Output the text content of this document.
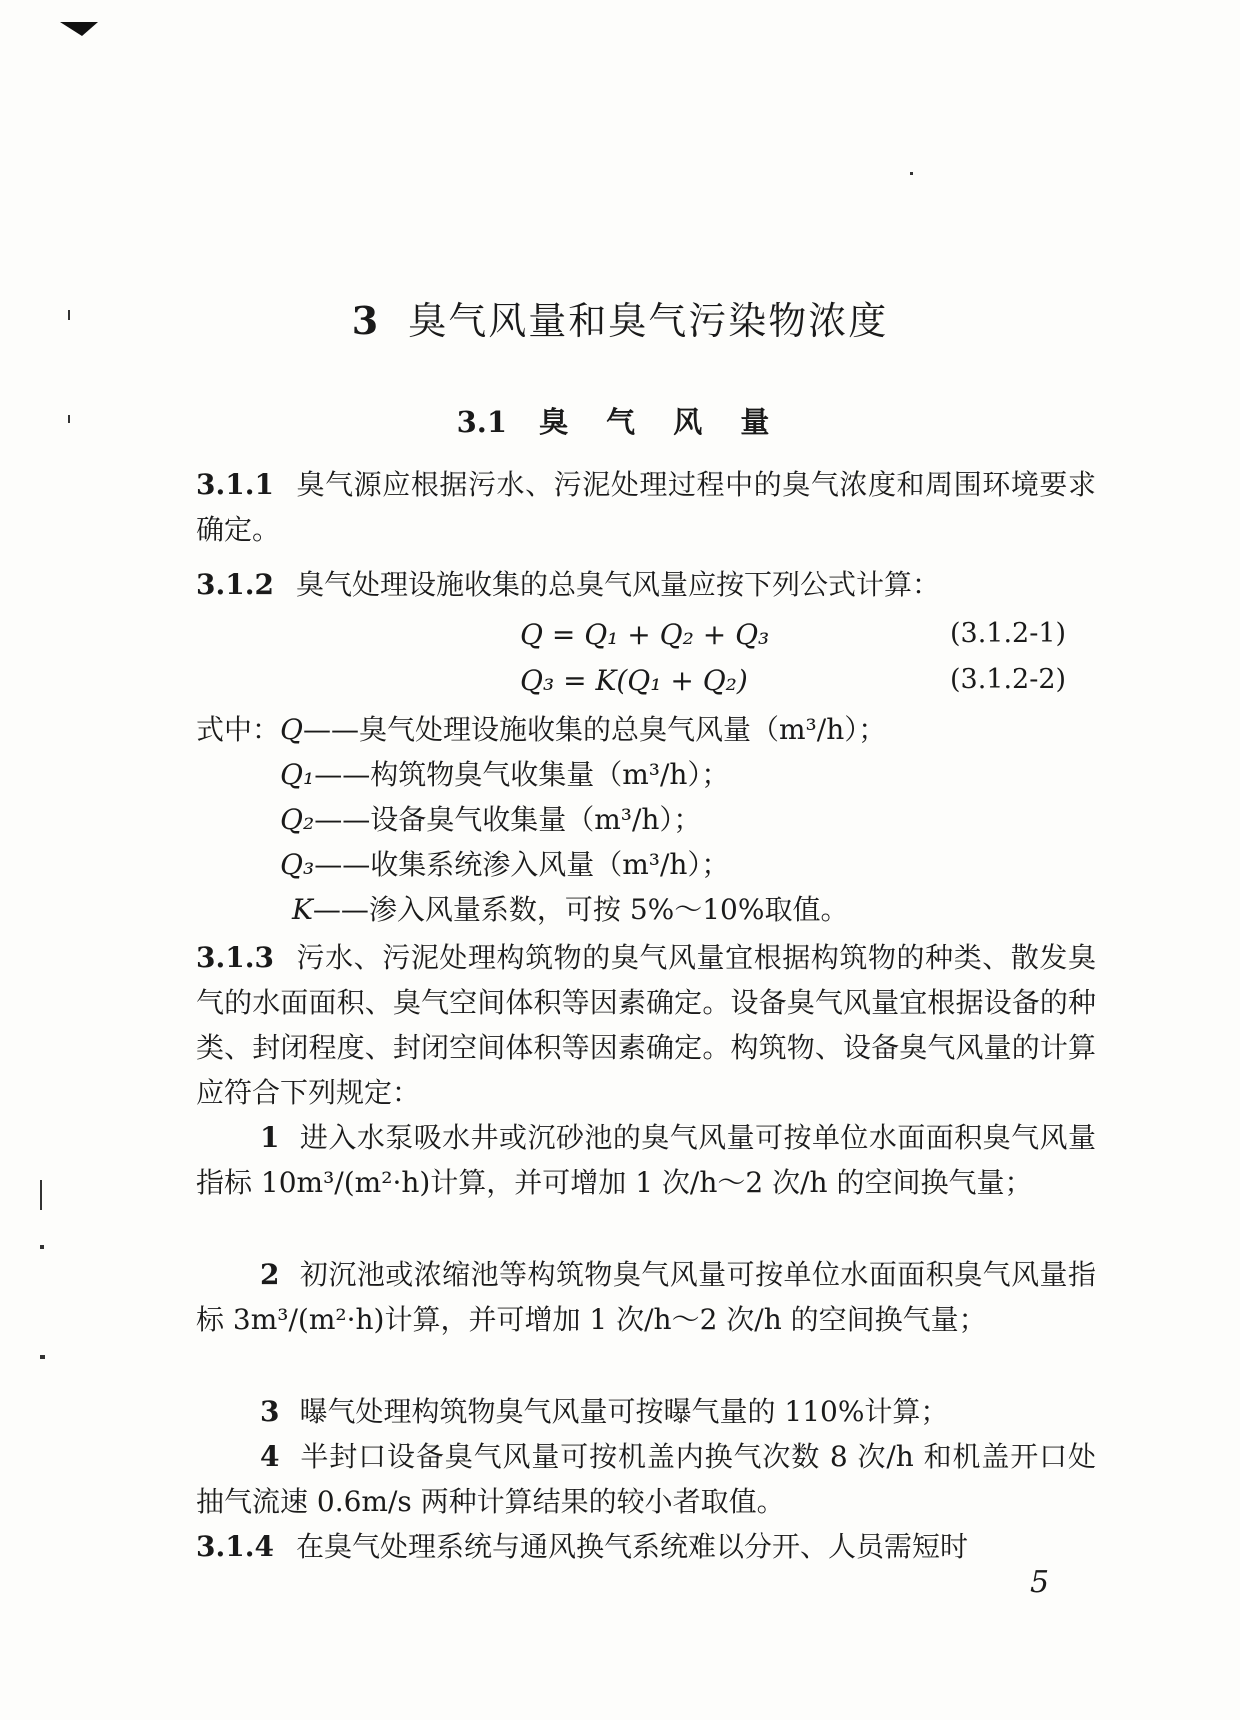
3 臭气风量和臭气污染物浓度
3.1 臭 气 风 量
3.1.1 臭气源应根据污水、污泥处理过程中的臭气浓度和周围环境要求确定。
3.1.2 臭气处理设施收集的总臭气风量应按下列公式计算：
Q = Q₁ + Q₂ + Q₃	(3.1.2-1)
Q₃ = K(Q₁ + Q₂)	(3.1.2-2)
式中：Q——臭气处理设施收集的总臭气风量（m³/h）；
Q₁——构筑物臭气收集量（m³/h）；
Q₂——设备臭气收集量（m³/h）；
Q₃——收集系统渗入风量（m³/h）；
K——渗入风量系数，可按 5%～10%取值。
3.1.3 污水、污泥处理构筑物的臭气风量宜根据构筑物的种类、散发臭气的水面面积、臭气空间体积等因素确定。设备臭气风量宜根据设备的种类、封闭程度、封闭空间体积等因素确定。构筑物、设备臭气风量的计算应符合下列规定：
1 进入水泵吸水井或沉砂池的臭气风量可按单位水面面积臭气风量指标 10m³/(m²·h)计算，并可增加 1 次/h～2 次/h 的空间换气量；
2 初沉池或浓缩池等构筑物臭气风量可按单位水面面积臭气风量指标 3m³/(m²·h)计算，并可增加 1 次/h～2 次/h 的空间换气量；
3 曝气处理构筑物臭气风量可按曝气量的 110%计算；
4 半封口设备臭气风量可按机盖内换气次数 8 次/h 和机盖开口处抽气流速 0.6m/s 两种计算结果的较小者取值。
3.1.4 在臭气处理系统与通风换气系统难以分开、人员需短时
5
